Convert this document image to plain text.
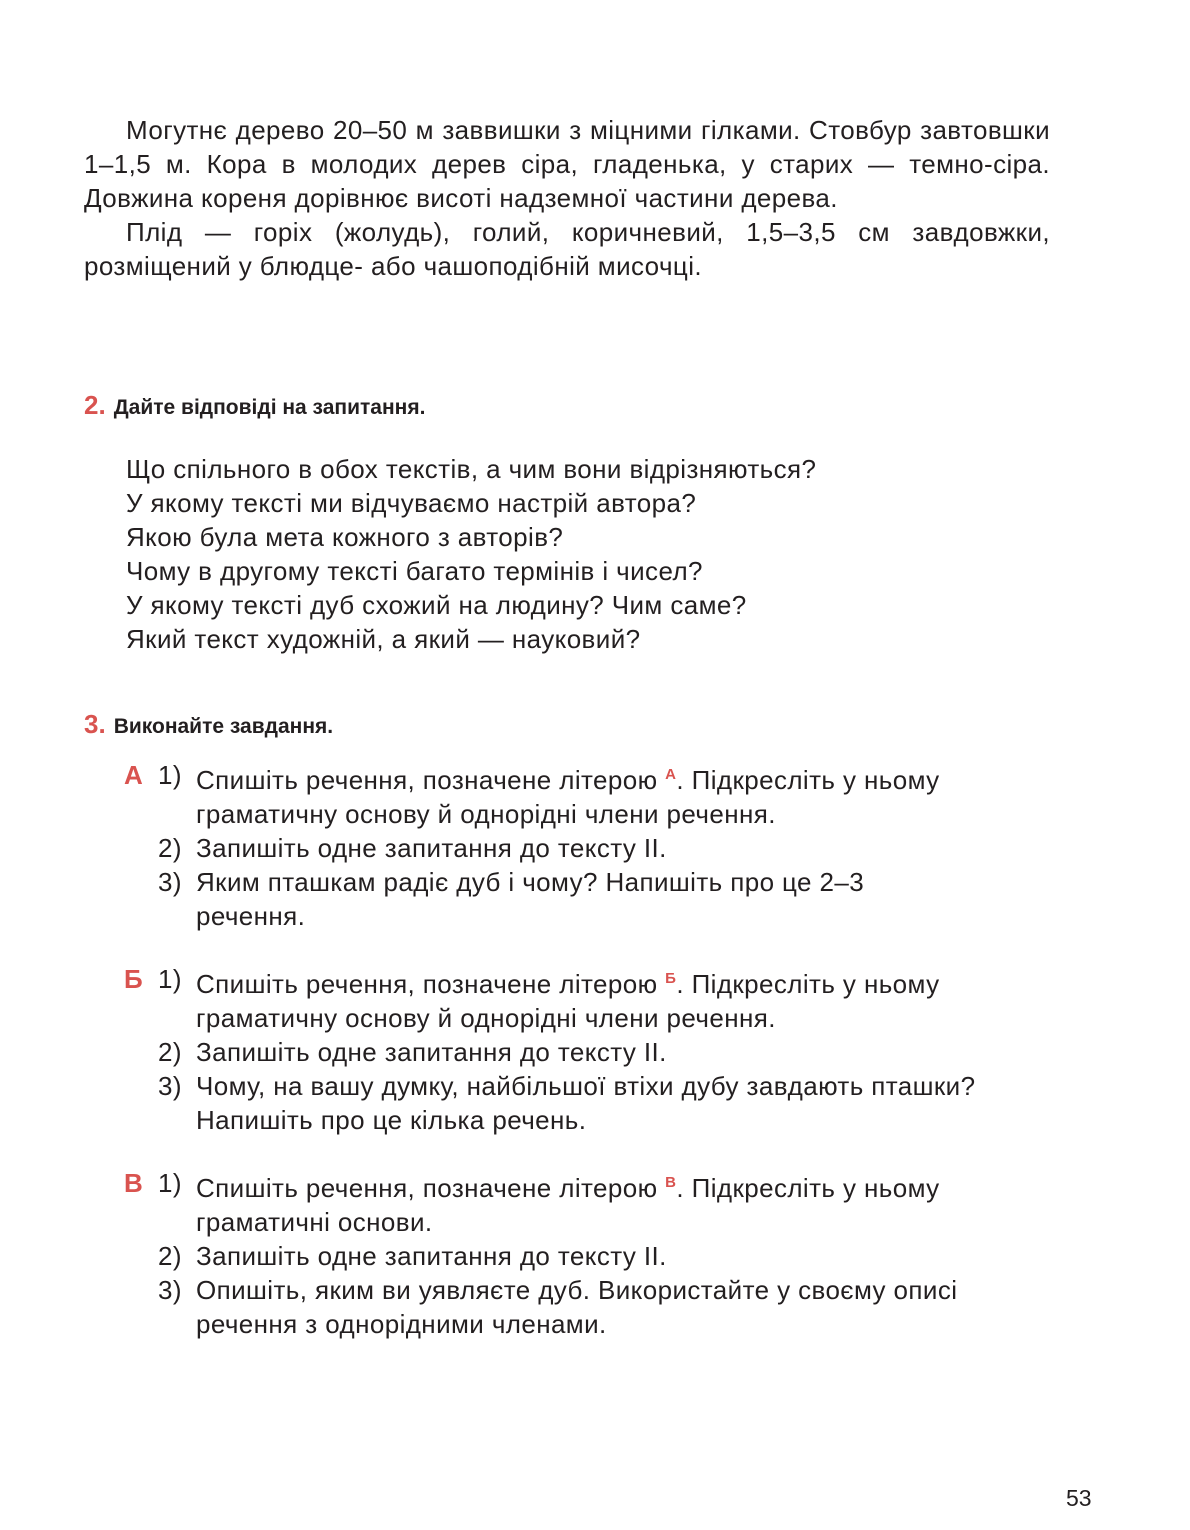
Могутнє дерево 20–50 м заввишки з міцними гілками. Стовбур завтовшки 1–1,5 м. Кора в молодих дерев сіра, гладенька, у старих — темно-сіра. Довжина кореня дорівнює висоті надземної частини дерева.

Плід — горіх (жолудь), голий, коричневий, 1,5–3,5 см завдовжки, розміщений у блюдце- або чашоподібній мисочці.

2. Дайте відповіді на запитання.

Що спільного в обох текстів, а чим вони відрізняються?

У якому тексті ми відчуваємо настрій автора?

Якою була мета кожного з авторів?

Чому в другому тексті багато термінів і чисел?

У якому тексті дуб схожий на людину? Чим саме?

Який текст художній, а який — науковий?

3. Виконайте завдання.

А 1) Спишіть речення, позначене літерою $^А$. Підкресліть у ньому граматичну основу й однорідні члени речення.

2) Запишіть одне запитання до тексту ІІ.

3) Яким пташкам радіє дуб і чому? Напишіть про це 2–3 речення.

Б 1) Спишіть речення, позначене літерою $^Б$. Підкресліть у ньому граматичну основу й однорідні члени речення.

2) Запишіть одне запитання до тексту ІІ.

3) Чому, на вашу думку, найбільшої втіхи дубу завдають пташки? Напишіть про це кілька речень.

В 1) Спишіть речення, позначене літерою $^В$. Підкресліть у ньому граматичні основи.

2) Запишіть одне запитання до тексту ІІ.

3) Опишіть, яким ви уявляєте дуб. Використайте у своєму описі речення з однорідними членами.

53
